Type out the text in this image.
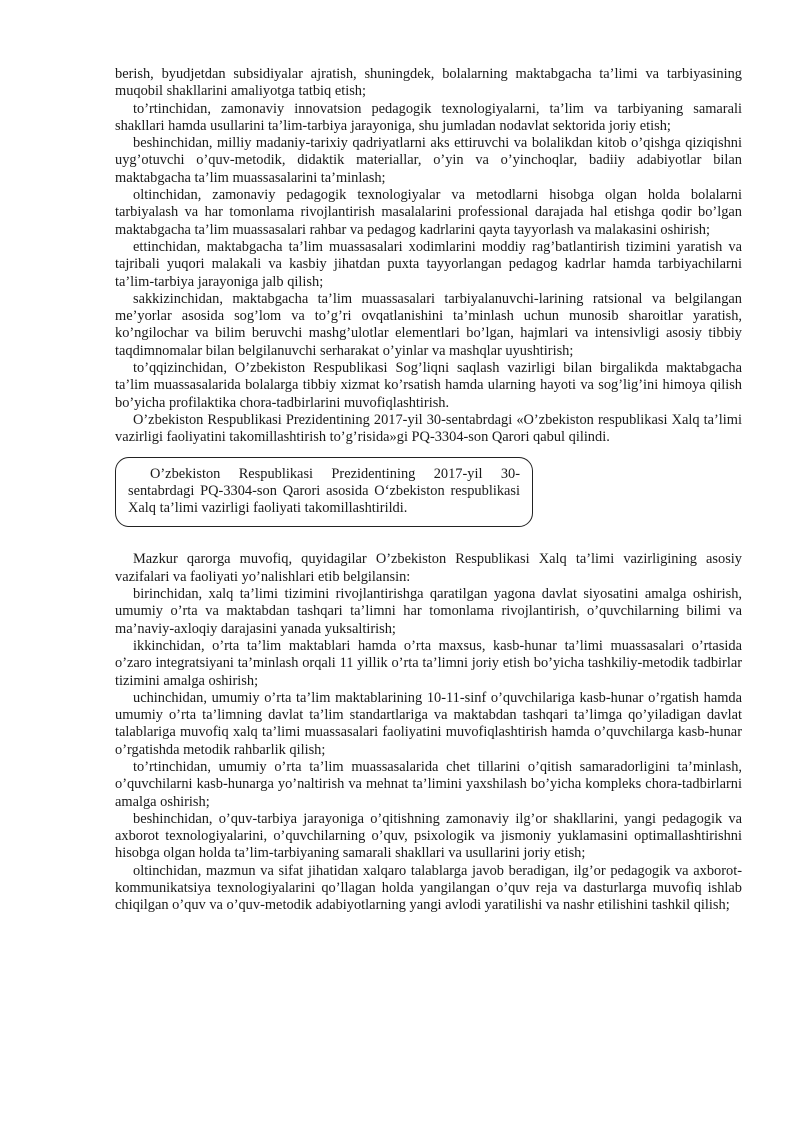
berish, byudjetdan subsidiyalar ajratish, shuningdek, bolalarning maktabgacha ta’limi va tarbiyasining muqobil shakllarini amaliyotga tatbiq etish;

to’rtinchidan, zamonaviy innovatsion pedagogik texnologiyalarni, ta’lim va tarbiyaning samarali shakllari hamda usullarini ta’lim-tarbiya jarayoniga, shu jumladan nodavlat sektorida joriy etish;

beshinchidan, milliy madaniy-tarixiy qadriyatlarni aks ettiruvchi va bolalikdan kitob o’qishga qiziqishni uyg’otuvchi o’quv-metodik, didaktik materiallar, o’yin va o’yinchoqlar, badiiy adabiyotlar bilan maktabgacha ta’lim muassasalarini ta’minlash;

oltinchidan, zamonaviy pedagogik texnologiyalar va metodlarni hisobga olgan holda bolalarni tarbiyalash va har tomonlama rivojlantirish masalalarini professional darajada hal etishga qodir bo’lgan maktabgacha ta’lim muassasalari rahbar va pedagog kadrlarini qayta tayyorlash va malakasini oshirish;

ettinchidan, maktabgacha ta’lim muassasalari xodimlarini moddiy rag’batlantirish tizimini yaratish va tajribali yuqori malakali va kasbiy jihatdan puxta tayyorlangan pedagog kadrlar hamda tarbiyachilarni ta’lim-tarbiya jarayoniga jalb qilish;

sakkizinchidan, maktabgacha ta’lim muassasalari tarbiyalanuvchi-larining ratsional va belgilangan me’yorlar asosida sog’lom va to’g’ri ovqatlanishini ta’minlash uchun munosib sharoitlar yaratish, ko’ngilochar va bilim beruvchi mashg’ulotlar elementlari bo’lgan, hajmlari va intensivligi asosiy tibbiy taqdimnomalar bilan belgilanuvchi serharakat o’yinlar va mashqlar uyushtirish;

to’qqizinchidan, O’zbekiston Respublikasi Sog’liqni saqlash vazirligi bilan birgalikda maktabgacha ta’lim muassasalarida bolalarga tibbiy xizmat ko’rsatish hamda ularning hayoti va sog’lig’ini himoya qilish bo’yicha profilaktika chora-tadbirlarini muvofiqlashtirish.

O’zbekiston Respublikasi Prezidentining 2017-yil 30-sentabrdagi «O’zbekiston respublikasi Xalq ta’limi vazirligi faoliyatini takomillashtirish to’g’risida»gi PQ-3304-son Qarori qabul qilindi.

O’zbekiston Respublikasi Prezidentining 2017-yil 30-sentabrdagi PQ-3304-son Qarori asosida O‘zbekiston respublikasi Xalq ta’limi vazirligi faoliyati takomillashtirildi.

Mazkur qarorga muvofiq, quyidagilar O’zbekiston Respublikasi Xalq ta’limi vazirligining asosiy vazifalari va faoliyati yo’nalishlari etib belgilansin:

birinchidan, xalq ta’limi tizimini rivojlantirishga qaratilgan yagona davlat siyosatini amalga oshirish, umumiy o’rta va maktabdan tashqari ta’limni har tomonlama rivojlantirish, o’quvchilarning bilimi va ma’naviy-axloqiy darajasini yanada yuksaltirish;

ikkinchidan, o’rta ta’lim maktablari hamda o’rta maxsus, kasb-hunar ta’limi muassasalari o’rtasida o’zaro integratsiyani ta’minlash orqali 11 yillik o’rta ta’limni joriy etish bo’yicha tashkiliy-metodik tadbirlar tizimini amalga oshirish;

uchinchidan, umumiy o’rta ta’lim maktablarining 10-11-sinf o’quvchilariga kasb-hunar o’rgatish hamda umumiy o’rta ta’limning davlat ta’lim standartlariga va maktabdan tashqari ta’limga qo’yiladigan davlat talablariga muvofiq xalq ta’limi muassasalari faoliyatini muvofiqlashtirish hamda o’quvchilarga kasb-hunar o’rgatishda metodik rahbarlik qilish;

to’rtinchidan, umumiy o’rta ta’lim muassasalarida chet tillarini o’qitish samaradorligini ta’minlash, o’quvchilarni kasb-hunarga yo’naltirish va mehnat ta’limini yaxshilash bo’yicha kompleks chora-tadbirlarni amalga oshirish;

beshinchidan, o’quv-tarbiya jarayoniga o’qitishning zamonaviy ilg’or shakllarini, yangi pedagogik va axborot texnologiyalarini, o’quvchilarning o’quv, psixologik va jismoniy yuklamasini optimallashtirishni hisobga olgan holda ta’lim-tarbiyaning samarali shakllari va usullarini joriy etish;

oltinchidan, mazmun va sifat jihatidan xalqaro talablarga javob beradigan, ilg’or pedagogik va axborot-kommunikatsiya texnologiyalarini qo’llagan holda yangilangan o’quv reja va dasturlarga muvofiq ishlab chiqilgan o’quv va o’quv-metodik adabiyotlarning yangi avlodi yaratilishi va nashr etilishini tashkil qilish;
